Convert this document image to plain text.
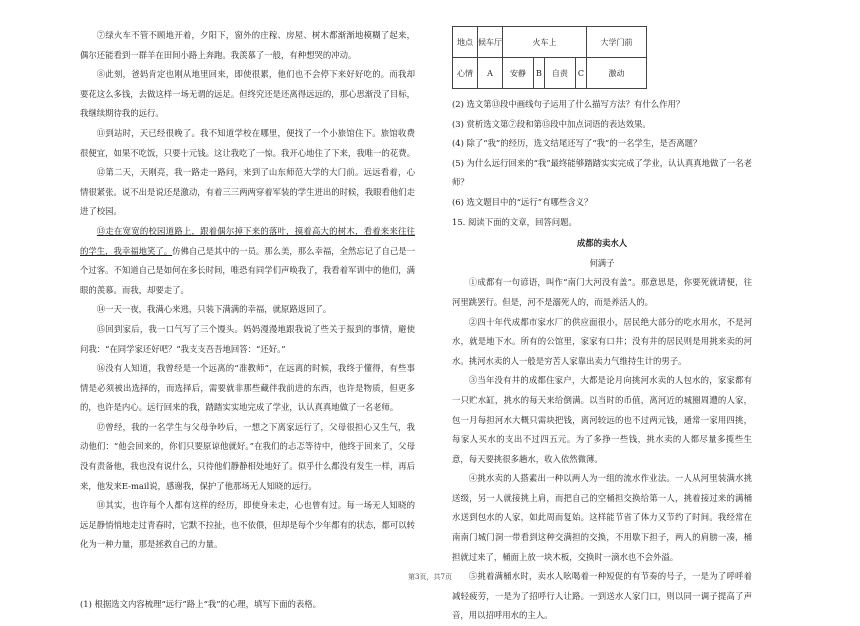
⑦绿火车不管不顾地开着，夕阳下，窗外的庄稼、房屋、树木都渐渐地模糊了起来，偶尔还能看到一群羊在田间小路上奔跑。我羡慕了一般，有种想哭的冲动。

⑧此刻，爸妈肯定也刚从地里回来，即使很累，他们也不会停下来好好吃的。而我却要花这么多钱，去做这样一场无谓的远足。但终究还是还离得远远的，那心思渐没了目标，我继续期待我的远行。

⑪到站时，天已经很晚了。我不知道学校在哪里，便找了一个小旅馆住下。旅馆收费很便宜，如果不吃饭，只要十元钱。这让我吃了一惊。我开心地住了下来，我唯一的花费。

⑫第二天，天刚亮，我一路走一路问，来到了山东师范大学的大门前。远远看着，心情很紧张。说不出是说还是激动，有着三三两两穿着军装的学生进出的时候，我眼看他们走进了校园。

⑬走在宽宽的校园道路上，跟着偶尔掉下来的落叶，摸着高大的树木，看着来来往往的学生，我幸福地笑了。仿佛自己是其中的一员。那么美，那么幸福，全然忘记了自己是一个过客。不知道自己是如何在多长时间，唯恐有同学们声唤我了，我看着军训中的他们，满眼的羡慕。而我，却要走了。

⑭一天一夜，我满心来逃，只装下满满的幸福，就原路返回了。

⑮回到家后，我一口气写了三个馒头。妈妈漫漫地跟我说了些关于报到的事情，避使问我：“在同学家还好吧？”我支支吾吾地回答：“还好。”

⑯没有人知道，我曾经是一个远离的“准教师”，在远离的时候，我终于懂得，有些事情是必须被出选择的，而选择后，需要就非那些藏伴我前进的东西，也许是物质，但更多的，也许是内心。远行回来的我，踏踏实实地完成了学业，认认真真地做了一名老师。

⑰曾经，我的一名学生与父母争吵后，一想之下离家远行了，父母很担心又生气，我动他们：“他会回来的，你们只要原谅他就好。”在我们的忐忑等待中，他终于回来了，父母没有责备他，我也没有说什么，只待他们静静相处地好了。似乎什么都没有发生一样，再后来，他发来E-mail说，感谢我，保护了他那场无人知晓的远行。

⑱其实，也许每个人都有这样的经历，即使身未走，心也曾有过。每一场无人知晓的远足静悄悄地走过青春时，它默不拉扯，也不依偎，但却是每个少年都有的状态，都可以转化为一种力量，那是拯救自己的力量。

(1) 根据选文内容梳理“远行”路上“我”的心理，填写下面的表格。

地点	候车厅	火车上				大学门前
心情	A	安静	B	自责	C	激动

(2) 选文第⑬段中画线句子运用了什么描写方法？有什么作用？

(3) 赏析选文第⑦段和第⑮段中加点词语的表达效果。

(4) 除了“我”的经历，选文结尾还写了“我”的一名学生，是否离题？

(5) 为什么远行回来的“我”最终能够踏踏实实完成了学业，认认真真地做了一名老师？

(6) 选文题目中的“远行”有哪些含义？

15. 阅读下面的文章，回答问题。

成都的卖水人

何满子

①成都有一句谚语，叫作“南门大河没有盖”。那意思是，你要死就请便，往河里跳罢行。但是，河不是溺死人的，而是养活人的。

②四十年代成都市家水厂的供应面很小，居民绝大部分的吃水用水，不是河水，就是地下水。所有的公馆里，家家有口井；没有井的居民则是用挑来卖的河水。挑河水卖的人一般是穷苦人家靠出卖力气维持生计的男子。

③当年没有井的成都住家户，大都是论月向挑河水卖的人包水的，家家都有一只贮水缸，挑水的每天来给倒满。以当时的币值，离河近的城圈周遭的人家，包一月每担河水大概只需块把钱，离河较远的也不过两元钱，通常一家用四挑，每家人买水的支出不过四五元。为了多挣一些钱，挑水卖的人都尽量多揽些生意，每天要挑很多趟水，收入依然微薄。

④挑水卖的人搭素出一种以两人为一组的流水作业法。一人从河里装满水挑送级，另一人就接挑上肩，而把自己的空桶担交换给第一人，挑着接过来的满桶水送到包水的人家，如此周而复始。这样能节省了体力又节约了时间。我经常在南南门城门洞一带看到这种交满担的交换，不用歇下担子，两人的肩膀一凑，桶担就过来了，桶面上放一块木板，交换时一滴水也不会外溢。

⑤挑着满桶水时，卖水人吆喝着一种短促的有节奏的号子，一是为了呼呼着减轻疲劳，一是为了招呼行人让路。一到送水人家门口，则以同一调子提高了声音，用以招呼用水的主人。

第3页，共7页
